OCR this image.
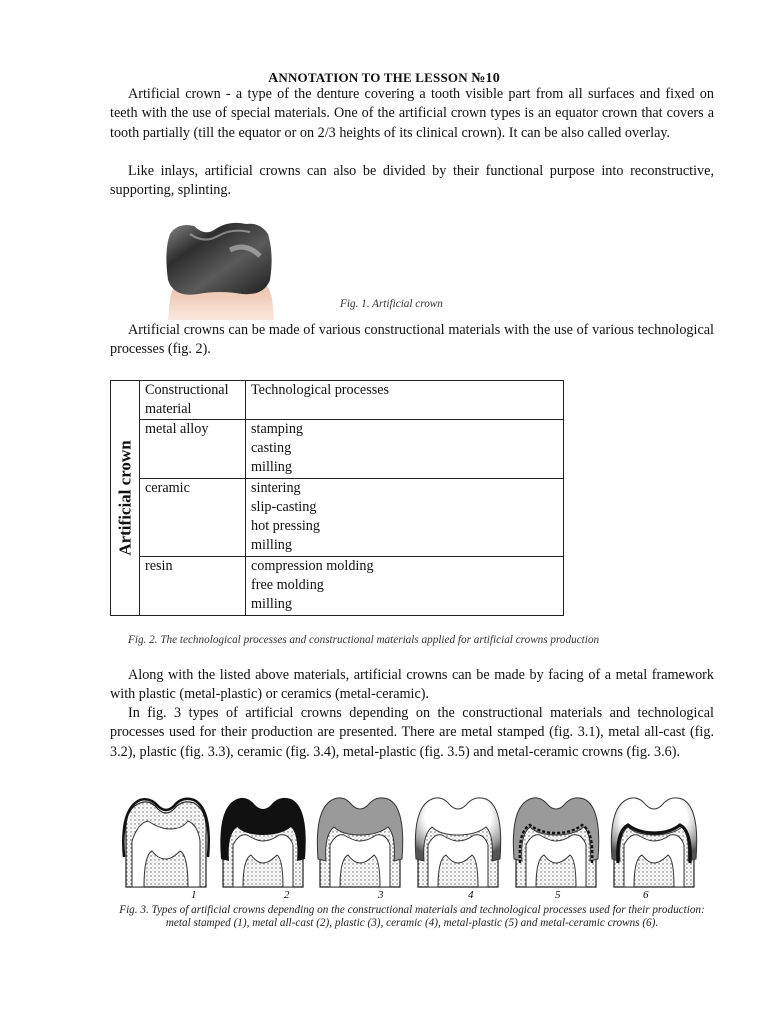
ANNOTATION TO THE LESSON №10

Artificial crown - a type of the denture covering a tooth visible part from all surfaces and fixed on teeth with the use of special materials. One of the artificial crown types is an equator crown that covers a tooth partially (till the equator or on 2/3 heights of its clinical crown). It can be also called overlay.

Like inlays, artificial crowns can also be divided by their functional purpose into reconstructive, supporting, splinting.

Fig. 1. Artificial crown

Artificial crowns can be made of various constructional materials with the use of various technological processes (fig. 2).

Artificial crown	Constructional material	Technological processes
	metal alloy	stamping
casting
milling

	ceramic	sintering
slip-casting
hot pressing
milling

	resin	compression molding
free molding
milling
Fig. 2. The technological processes and constructional materials applied for artificial crowns production

Along with the listed above materials, artificial crowns can be made by facing of a metal framework with plastic (metal-plastic) or ceramics (metal-ceramic).

In fig. 3 types of artificial crowns depending on the constructional materials and technological processes used for their production are presented. There are metal stamped (fig. 3.1), metal all-cast (fig. 3.2), plastic (fig. 3.3), ceramic (fig. 3.4), metal-plastic (fig. 3.5) and metal-ceramic crowns (fig. 3.6).

1	2	3	4	5	6
Fig. 3. Types of artificial crowns depending on the constructional materials and technological processes used for their production: metal stamped (1), metal all-cast (2), plastic (3), ceramic (4), metal-plastic (5) and metal-ceramic crowns (6).
